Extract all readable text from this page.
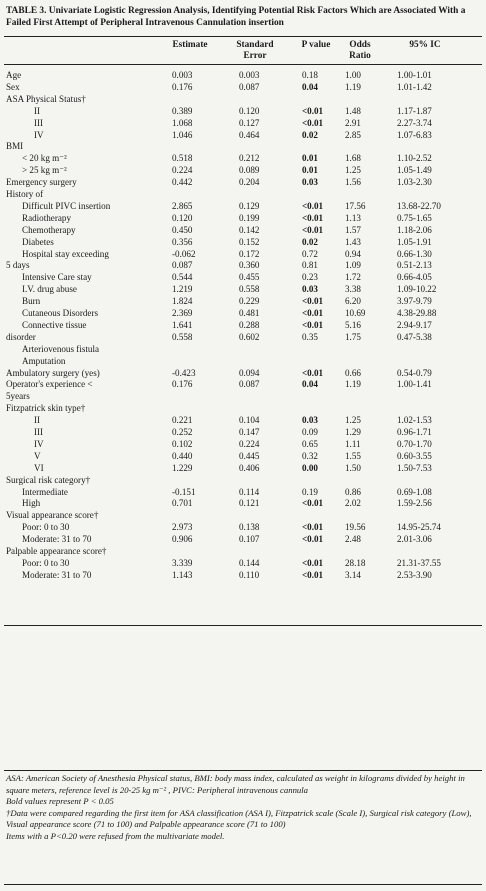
TABLE 3. Univariate Logistic Regression Analysis, Identifying Potential Risk Factors Which are Associated With a Failed First Attempt of Peripheral Intravenous Cannulation insertion
Estimate	Standard
Error
P value	Odds
Ratio
95% IC
Age	0.003	0.003	0.18	1.00	1.00-1.01
Sex	0.176	0.087	0.04	1.19	1.01-1.42
ASA Physical Status†
II	0.389	0.120	<0.01 1.48	1.17-1.87
III	1.068	0.127	<0.01 2.91	2.27-3.74
IV	1.046	0.464	0.02	2.85	1.07-6.83
BMI
< 20 kg m⁻²	0.518	0.212	0.01	1.68	1.10-2.52
> 25 kg m⁻²	0.224	0.089	0.01	1.25	1.05-1.49
Emergency surgery	0.442	0.204	0.03	1.56	1.03-2.30
History of
Difficult PIVC insertion	2.865	0.129	<0.01 17.56	13.68-22.70
Radiotherapy	0.120	0.199	<0.01 1.13	0.75-1.65
Chemotherapy	0.450	0.142	<0.01 1.57	1.18-2.06
Diabetes	0.356	0.152	0.02	1.43	1.05-1.91
Hospital stay exceeding	-0.062	0.172	0.72	0.94	0.66-1.30
5 days	0.087	0.360	0.81	1.09	0.51-2.13
Intensive Care stay	0.544	0.455	0.23	1.72	0.66-4.05
I.V. drug abuse	1.219	0.558	0.03	3.38	1.09-10.22
Burn	1.824	0.229	<0.01 6.20	3.97-9.79
Cutaneous Disorders	2.369	0.481	<0.01 10.69	4.38-29.88
Connective tissue	1.641	0.288	<0.01 5.16	2.94-9.17
disorder	0.558	0.602	0.35	1.75	0.47-5.38
Arteriovenous fistula
Amputation
Ambulatory surgery (yes)	-0.423	0.094	<0.01 0.66	0.54-0.79
Operator's experience <	0.176	0.087	0.04	1.19	1.00-1.41
5years
Fitzpatrick skin type†
II	0.221	0.104	0.03	1.25	1.02-1.53
III	0.252	0.147	0.09	1.29	0.96-1.71
IV	0.102	0.224	0.65	1.11	0.70-1.70
V	0.440	0.445	0.32	1.55	0.60-3.55
VI	1.229	0.406	0.00	1.50	1.50-7.53
Surgical risk category†
Intermediate	-0.151	0.114	0.19	0.86	0.69-1.08
High	0.701	0.121	<0.01 2.02	1.59-2.56
Visual appearance score†
Poor: 0 to 30	2.973	0.138	<0.01 19.56	14.95-25.74
Moderate: 31 to 70	0.906	0.107	<0.01 2.48	2.01-3.06
Palpable appearance score†
Poor: 0 to 30	3.339	0.144	<0.01 28.18	21.31-37.55
Moderate: 31 to 70	1.143	0.110	<0.01 3.14	2.53-3.90
ASA: American Society of Anesthesia Physical status, BMI: body mass index, calculated as weight in kilograms divided by height in square meters, reference level is 20-25 kg m⁻² , PIVC: Peripheral intravenous cannula
Bold values represent P < 0.05
†Data were compared regarding the first item for ASA classification (ASA I), Fitzpatrick scale (Scale I), Surgical risk category (Low), Visual appearance score (71 to 100) and Palpable appearance score (71 to 100)
Items with a P<0.20 were refused from the multivariate model.
